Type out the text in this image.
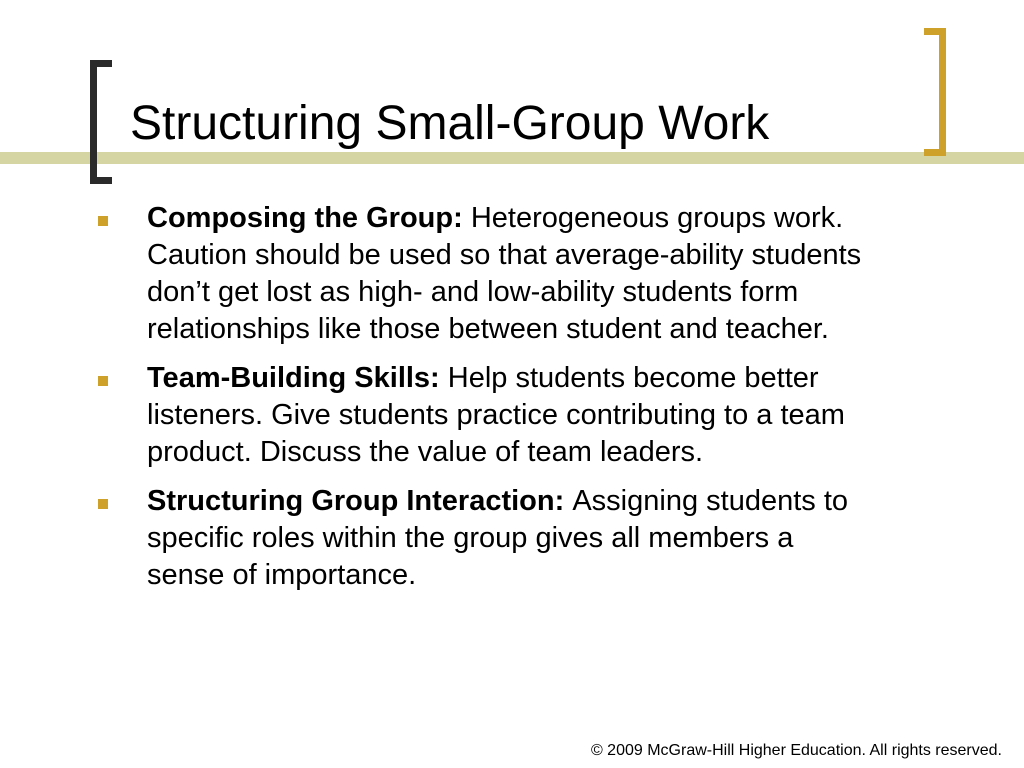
Structuring Small-Group Work
Composing the Group: Heterogeneous groups work. Caution should be used so that average-ability students don’t get lost as high- and low-ability students form relationships like those between student and teacher.
Team-Building Skills: Help students become better listeners. Give students practice contributing to a team product. Discuss the value of team leaders.
Structuring Group Interaction: Assigning students to specific roles within the group gives all members a sense of importance.
© 2009 McGraw-Hill Higher Education. All rights reserved.
